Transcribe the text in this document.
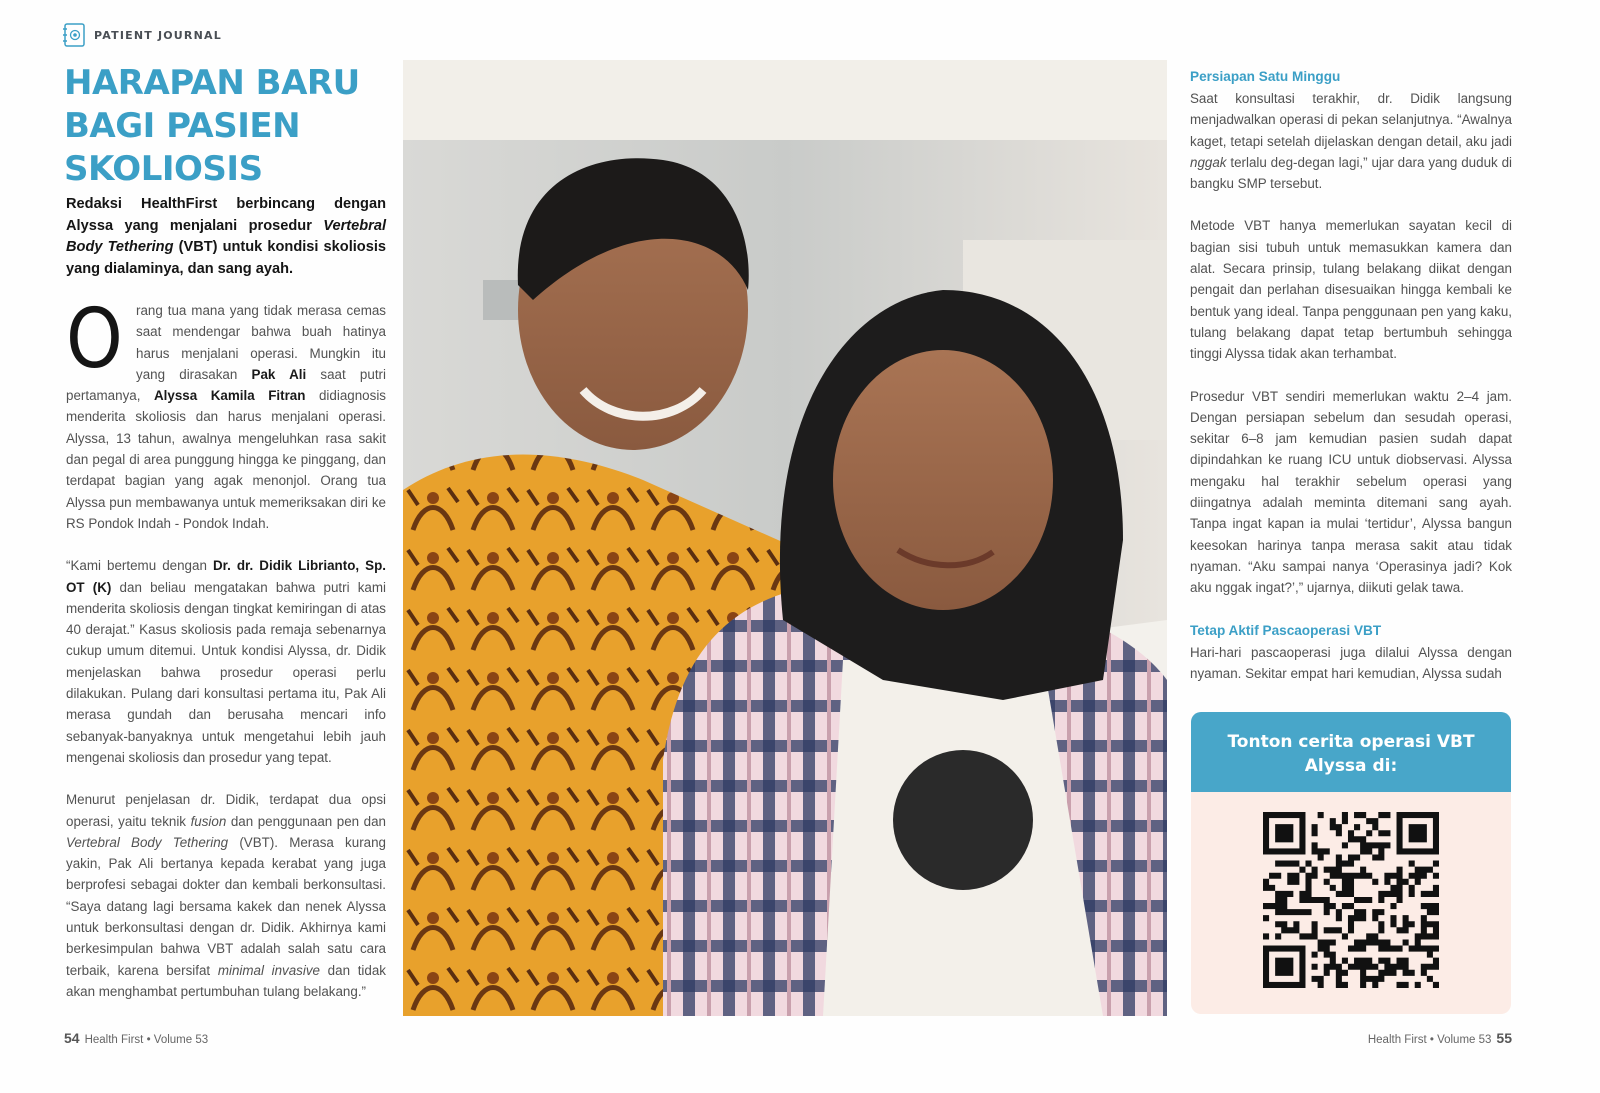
PATIENT JOURNAL
HARAPAN BARU
BAGI PASIEN
SKOLIOSIS

Redaksi HealthFirst berbincang dengan Alyssa yang menjalani prosedur Vertebral Body Tethering (VBT) untuk kondisi skoliosis yang dialaminya, dan sang ayah.

Orang tua mana yang tidak merasa cemas saat mendengar bahwa buah hatinya harus menjalani operasi. Mungkin itu yang dirasakan Pak Ali saat putri pertamanya, Alyssa Kamila Fitran didiagnosis menderita skoliosis dan harus menjalani operasi. Alyssa, 13 tahun, awalnya mengeluhkan rasa sakit dan pegal di area punggung hingga ke pinggang, dan terdapat bagian yang agak menonjol. Orang tua Alyssa pun membawanya untuk memeriksakan diri ke RS Pondok Indah - Pondok Indah.

“Kami bertemu dengan Dr. dr. Didik Librianto, Sp. OT (K) dan beliau mengatakan bahwa putri kami menderita skoliosis dengan tingkat kemiringan di atas 40 derajat.” Kasus skoliosis pada remaja sebenarnya cukup umum ditemui. Untuk kondisi Alyssa, dr. Didik menjelaskan bahwa prosedur operasi perlu dilakukan. Pulang dari konsultasi pertama itu, Pak Ali merasa gundah dan berusaha mencari info sebanyak-banyaknya untuk mengetahui lebih jauh mengenai skoliosis dan prosedur yang tepat.

Menurut penjelasan dr. Didik, terdapat dua opsi operasi, yaitu teknik fusion dan penggunaan pen dan Vertebral Body Tethering (VBT). Merasa kurang yakin, Pak Ali bertanya kepada kerabat yang juga berprofesi sebagai dokter dan kembali berkonsultasi. “Saya datang lagi bersama kakek dan nenek Alyssa untuk berkonsultasi dengan dr. Didik. Akhirnya kami berkesimpulan bahwa VBT adalah salah satu cara terbaik, karena bersifat minimal invasive dan tidak akan menghambat pertumbuhan tulang belakang.”

Persiapan Satu Minggu

Saat konsultasi terakhir, dr. Didik langsung menjadwalkan operasi di pekan selanjutnya. “Awalnya kaget, tetapi setelah dijelaskan dengan detail, aku jadi nggak terlalu deg-degan lagi,” ujar dara yang duduk di bangku SMP tersebut.

Metode VBT hanya memerlukan sayatan kecil di bagian sisi tubuh untuk memasukkan kamera dan alat. Secara prinsip, tulang belakang diikat dengan pengait dan perlahan disesuaikan hingga kembali ke bentuk yang ideal. Tanpa penggunaan pen yang kaku, tulang belakang dapat tetap bertumbuh sehingga tinggi Alyssa tidak akan terhambat.

Prosedur VBT sendiri memerlukan waktu 2–4 jam. Dengan persiapan sebelum dan sesudah operasi, sekitar 6–8 jam kemudian pasien sudah dapat dipindahkan ke ruang ICU untuk diobservasi. Alyssa mengaku hal terakhir sebelum operasi yang diingatnya adalah meminta ditemani sang ayah. Tanpa ingat kapan ia mulai ‘tertidur’, Alyssa bangun keesokan harinya tanpa merasa sakit atau tidak nyaman. “Aku sampai nanya ‘Operasinya jadi? Kok aku nggak ingat?’,” ujarnya, diikuti gelak tawa.

Tetap Aktif Pascaoperasi VBT

Hari-hari pascaoperasi juga dilalui Alyssa dengan nyaman. Sekitar empat hari kemudian, Alyssa sudah

Tonton cerita operasi VBT
Alyssa di:
54 Health First • Volume 53	Health First • Volume 53 55
